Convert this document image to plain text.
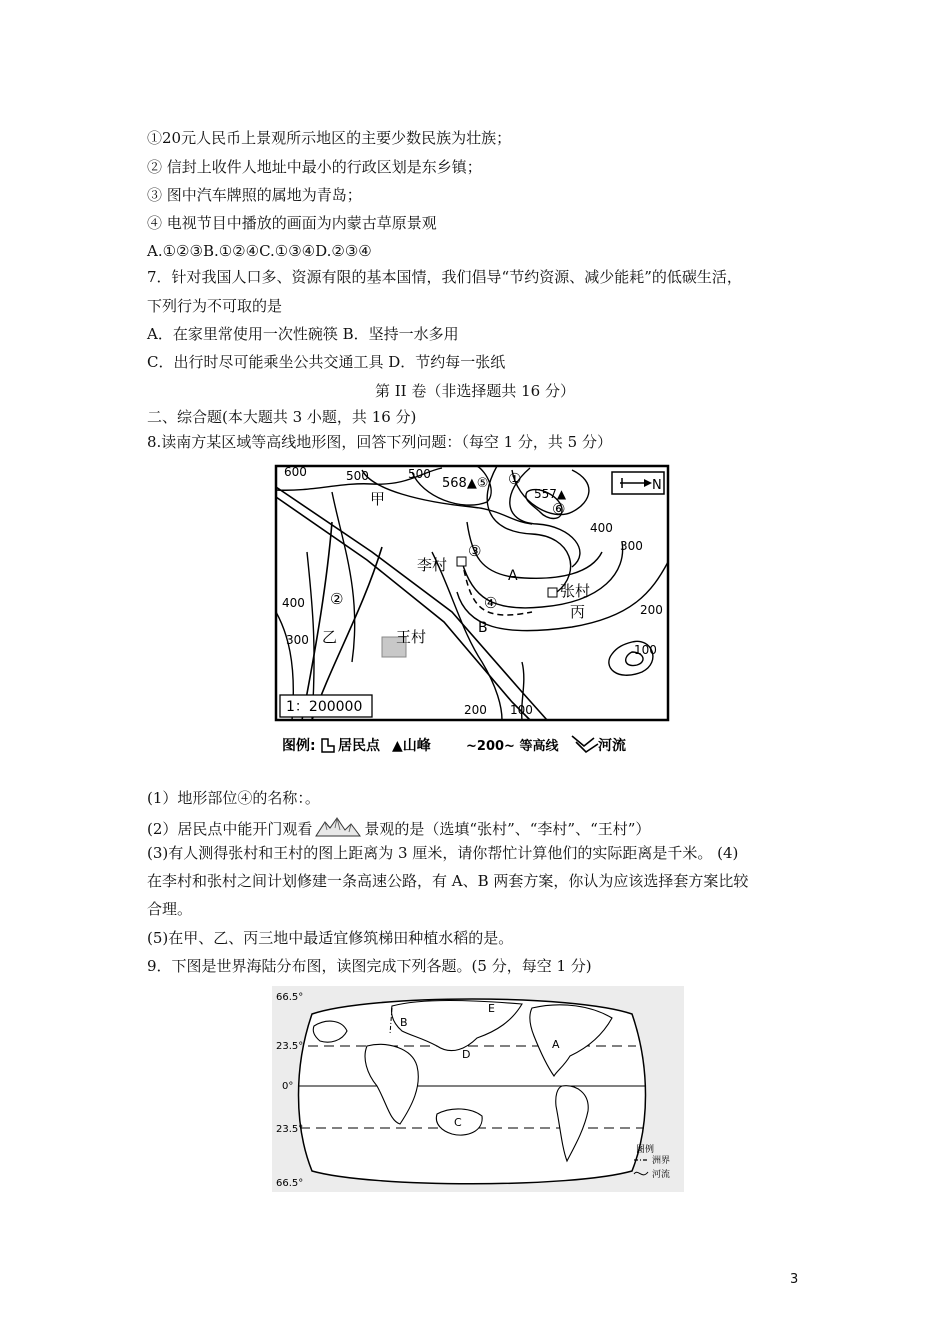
①20元人民币上景观所示地区的主要少数民族为壮族；
② 信封上收件人地址中最小的行政区划是东乡镇；
③ 图中汽车牌照的属地为青岛；
④ 电视节目中播放的画面为内蒙古草原景观
A.①②③B.①②④C.①③④D.②③④
7．针对我国人口多、资源有限的基本国情，我们倡导“节约资源、减少能耗”的低碳生活，
下列行为不可取的是
A．在家里常使用一次性碗筷 B．坚持一水多用
C．出行时尽可能乘坐公共交通工具 D．节约每一张纸
第 II 卷（非选择题共 16 分）
二、综合题(本大题共 3 小题，共 16 分)
8.读南方某区域等高线地形图，回答下列问题：（每空 1 分，共 5 分）
600	500	500
400
300
200
100
400
300
200 100
568▲⑤
557▲
①
②
③
④
⑥
甲
乙
丙
李村
张村
王村
A
B
N
1：200000
图例: 居民点 ▲山峰	~200~ 等高线	河流
(1）地形部位④的名称：。
(2）居民点中能开门观看	景观的是（选填“张村”、“李村”、“王村”）
(3)有人测得张村和王村的图上距离为 3 厘米，请你帮忙计算他们的实际距离是千米。 (4)
在李村和张村之间计划修建一条高速公路，有 A、B 两套方案，你认为应该选择套方案比较
合理。
(5)在甲、乙、丙三地中最适宜修筑梯田种植水稻的是。
9．下图是世界海陆分布图，读图完成下列各题。(5 分，每空 1 分)
66.5°
23.5°
0°
23.5°
66.5°
A
B
C
D
E
图例
洲界
河流
3
